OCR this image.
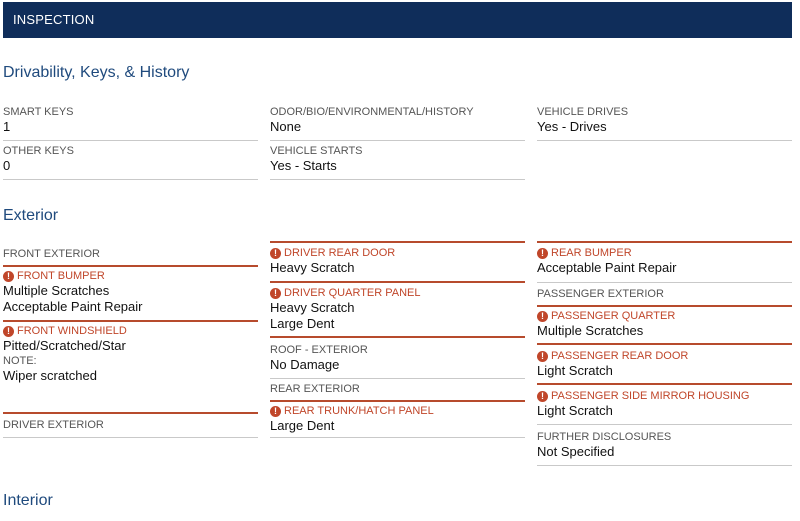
INSPECTION
Drivability, Keys, & History
SMART KEYS
1
OTHER KEYS
0
ODOR/BIO/ENVIRONMENTAL/HISTORY
None
VEHICLE STARTS
Yes - Starts
VEHICLE DRIVES
Yes - Drives
Exterior
FRONT EXTERIOR
! FRONT BUMPER
Multiple Scratches
Acceptable Paint Repair
! FRONT WINDSHIELD
Pitted/Scratched/Star
NOTE:
Wiper scratched
DRIVER EXTERIOR
! DRIVER REAR DOOR
Heavy Scratch
! DRIVER QUARTER PANEL
Heavy Scratch
Large Dent
ROOF - EXTERIOR
No Damage
REAR EXTERIOR
! REAR TRUNK/HATCH PANEL
Large Dent
! REAR BUMPER
Acceptable Paint Repair
PASSENGER EXTERIOR
! PASSENGER QUARTER
Multiple Scratches
! PASSENGER REAR DOOR
Light Scratch
! PASSENGER SIDE MIRROR HOUSING
Light Scratch
FURTHER DISCLOSURES
Not Specified
Interior
